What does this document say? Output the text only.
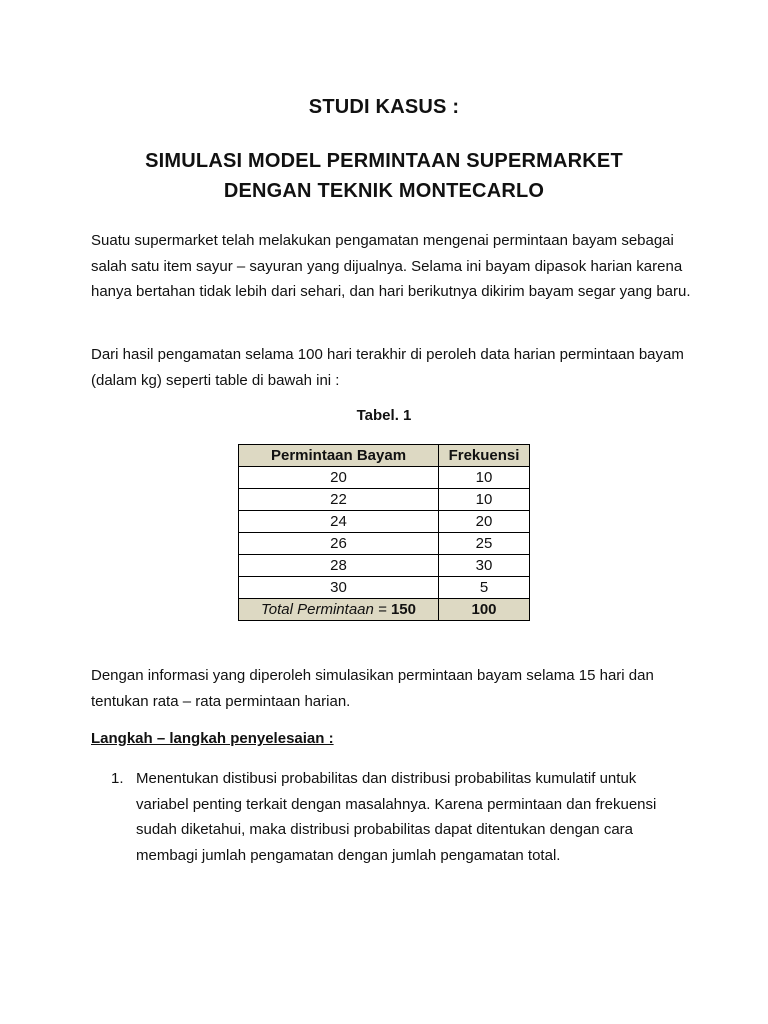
STUDI KASUS :
SIMULASI MODEL PERMINTAAN SUPERMARKET
DENGAN TEKNIK MONTECARLO

Suatu supermarket telah melakukan pengamatan mengenai permintaan bayam sebagai salah satu item sayur – sayuran yang dijualnya. Selama ini bayam dipasok harian karena hanya bertahan tidak lebih dari sehari, dan hari berikutnya dikirim bayam segar yang baru.

Dari hasil pengamatan selama 100 hari terakhir di peroleh data harian permintaan bayam (dalam kg) seperti table di bawah ini :

Tabel. 1
Permintaan Bayam	Frekuensi
20	10
22	10
24	20
26	25
28	30
30	5
Total Permintaan = 150	100

Dengan informasi yang diperoleh simulasikan permintaan bayam selama 15 hari dan tentukan rata – rata permintaan harian.

Langkah – langkah penyelesaian :
1. Menentukan distibusi probabilitas dan distribusi probabilitas kumulatif untuk variabel penting terkait dengan masalahnya. Karena permintaan dan frekuensi sudah diketahui, maka distribusi probabilitas dapat ditentukan dengan cara membagi jumlah pengamatan dengan jumlah pengamatan total.
